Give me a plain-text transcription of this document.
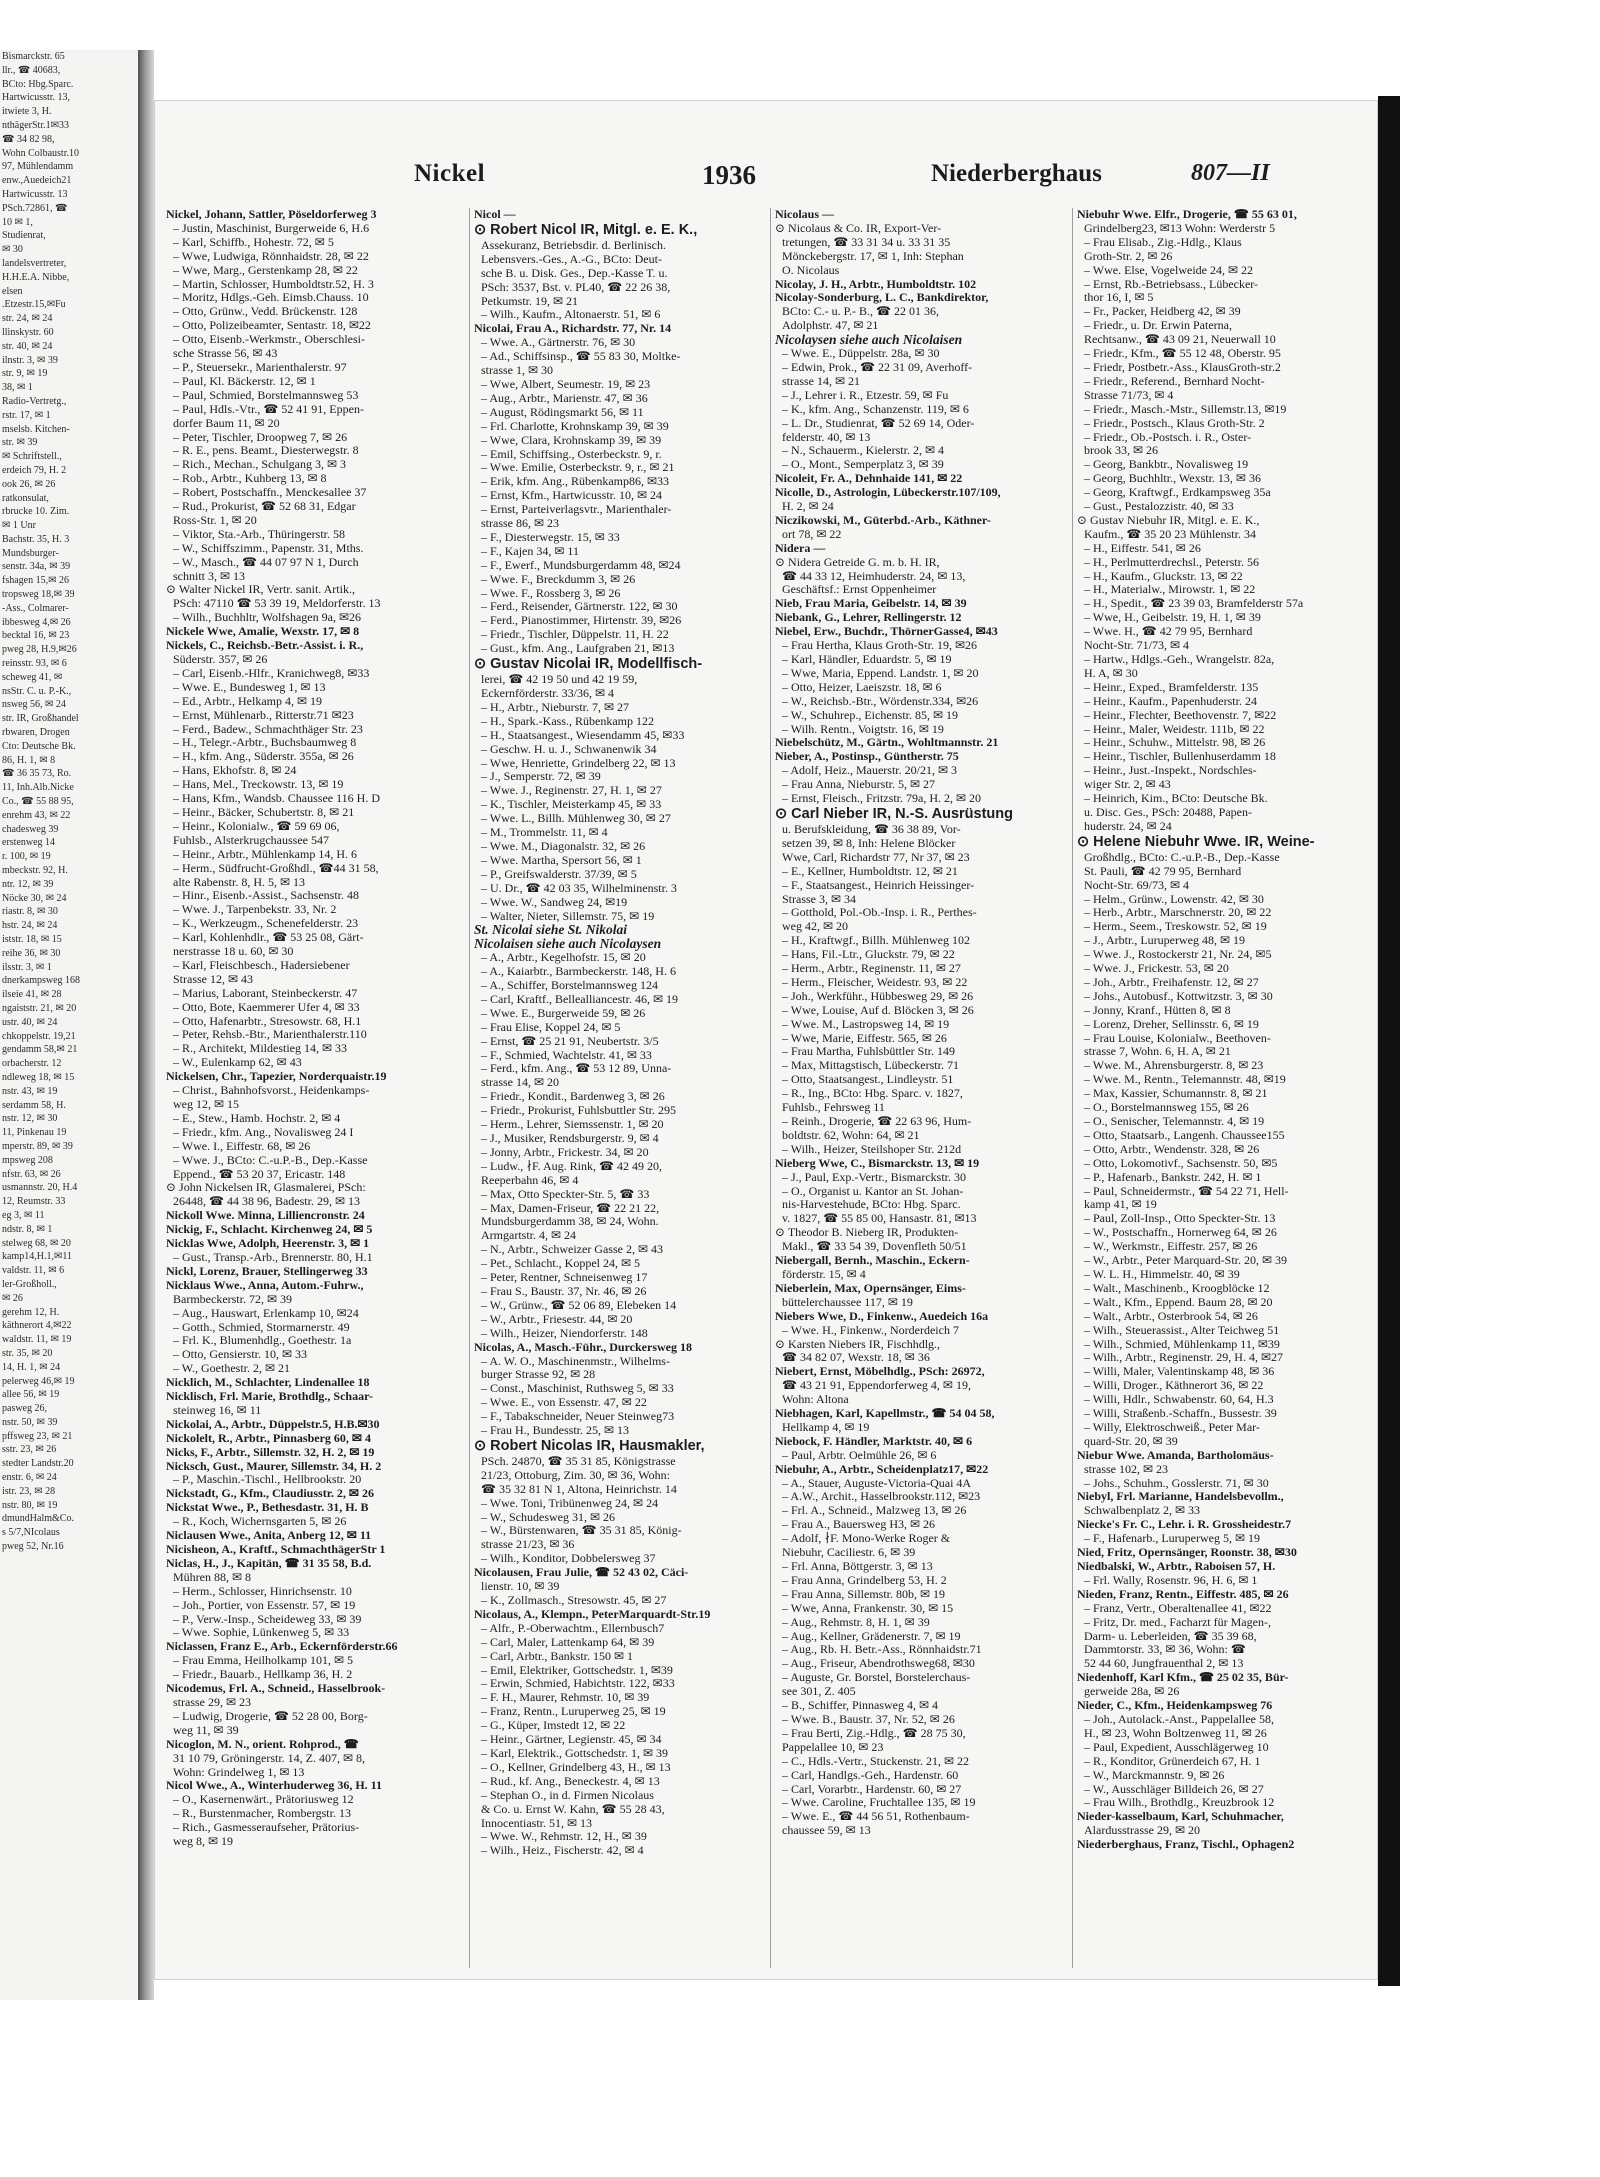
Bismarckstr. 65
llr., ☎ 40683,
BCto: Hbg.Sparc.
Hartwicusstr. 13,
itwiete 3, H.
nthägerStr.1✉33
☎ 34 82 98,
Wohn Colbaustr.10
97, Mühlendamm
enw.,Auedeich21
Hartwicusstr. 13
PSch.72861, ☎
10 ✉ 1,
Studienrat,
✉ 30
landelsvertreter,
H.H.E.A. Nibbe,
elsen
.Etzestr.15,✉Fu
str. 24, ✉ 24
llinskystr. 60
str. 40, ✉ 24
ilnstr. 3, ✉ 39
str. 9, ✉ 19
38, ✉ 1
Radio-Vertretg.,
rstr. 17, ✉ 1
mselsb. Kitchen-
str. ✉ 39
✉ Schriftstell.,
erdeich 79, H. 2
ook 26, ✉ 26
ratkonsulat,
rbrucke 10. Zim.
✉ 1 Unr
Bachstr. 35, H. 3
Mundsburger-
senstr. 34a, ✉ 39
fshagen 15,✉ 26
tropsweg 18,✉ 39
-Ass., Colmarer-
ibbesweg 4,✉ 26
becktal 16, ✉ 23
pweg 28, H.9,✉26
reinsstr. 93, ✉ 6
scheweg 41, ✉
nsStr. C. u. P.-K.,
nsweg 56, ✉ 24
str. IR, Großhandel
rbwaren, Drogen
Cto: Deutsche Bk.
86, H. 1, ✉ 8
☎ 36 35 73, Ro.
11, Inh.Alb.Nicke
Co., ☎ 55 88 95,
enrehm 43, ✉ 22
chadesweg 39
erstenweg 14
r. 100, ✉ 19
mbeckstr. 92, H.
ntr. 12, ✉ 39
Nöcke 30, ✉ 24
riastr. 8, ✉ 30
hstr. 24, ✉ 24
iststr. 18, ✉ 15
reihe 36, ✉ 30
ilsstr. 3, ✉ 1
dnerkampsweg 168
ilseie 41, ✉ 28
ngaiststr. 21, ✉ 20
ustr. 40, ✉ 24
chkoppelstr. 19,21
gendamm 58,✉ 21
orbacherstr. 12
ndleweg 18, ✉ 15
nstr. 43, ✉ 19
serdamm 58, H.
nstr. 12, ✉ 30
11, Pinkenau 19
mperstr. 89, ✉ 39
mpsweg 208
nfstr. 63, ✉ 26
usmannstr. 20, H.4
12, Reumstr. 33
eg 3, ✉ 11
ndstr. 8, ✉ 1
stelweg 68, ✉ 20
kamp14,H.1,✉11
valdstr. 11, ✉ 6
ler-Großholl.,
✉ 26
gerehm 12, H.
käthnerort 4,✉22
waldstr. 11, ✉ 19
str. 35, ✉ 20
14, H. 1, ✉ 24
pelerweg 46,✉ 19
allee 56, ✉ 19
pasweg 26,
nstr. 50, ✉ 39
pffsweg 23, ✉ 21
sstr. 23, ✉ 26
stedter Landstr.20
enstr. 6, ✉ 24
istr. 23, ✉ 28
nstr. 80, ✉ 19
dmundHalm&Co.
s 5/7,NIcolaus
pweg 52, Nr.16
Nickel	1936	Niederberghaus	807—II

Nickel, Johann, Sattler, Pöseldorferweg 3

– Justin, Maschinist, Burgerweide 6, H.6

– Karl, Schiffb., Hohestr. 72, ✉ 5

– Wwe, Ludwiga, Rönnhaidstr. 28, ✉ 22

– Wwe, Marg., Gerstenkamp 28, ✉ 22

– Martin, Schlosser, Humboldtstr.52, H. 3

– Moritz, Hdlgs.-Geh. Eimsb.Chauss. 10

– Otto, Grünw., Vedd. Brückenstr. 128

– Otto, Polizeibeamter, Sentastr. 18, ✉22

– Otto, Eisenb.-Werkmstr., Oberschlesi-

sche Strasse 56, ✉ 43

– P., Steuersekr., Marienthalerstr. 97

– Paul, Kl. Bäckerstr. 12, ✉ 1

– Paul, Schmied, Borstelmannsweg 53

– Paul, Hdls.-Vtr., ☎ 52 41 91, Eppen-

dorfer Baum 11, ✉ 20

– Peter, Tischler, Droopweg 7, ✉ 26

– R. E., pens. Beamt., Diesterwegstr. 8

– Rich., Mechan., Schulgang 3, ✉ 3

– Rob., Arbtr., Kuhberg 13, ✉ 8

– Robert, Postschaffn., Menckesallee 37

– Rud., Prokurist, ☎ 52 68 31, Edgar

Ross-Str. 1, ✉ 20

– Viktor, Sta.-Arb., Thüringerstr. 58

– W., Schiffszimm., Papenstr. 31, Mths.

– W., Masch., ☎ 44 07 97 N 1, Durch

schnitt 3, ✉ 13

⊙ Walter Nickel IR, Vertr. sanit. Artik.,

PSch: 47110 ☎ 53 39 19, Meldorferstr. 13

– Wilh., Buchhltr, Wolfshagen 9a, ✉26

Nickele Wwe, Amalie, Wexstr. 17, ✉ 8

Nickels, C., Reichsb.-Betr.-Assist. i. R.,

Süderstr. 357, ✉ 26

– Carl, Eisenb.-Hlfr., Kranichweg8, ✉33

– Wwe. E., Bundesweg 1, ✉ 13

– Ed., Arbtr., Helkamp 4, ✉ 19

– Ernst, Mühlenarb., Ritterstr.71 ✉23

– Ferd., Badew., Schmachthäger Str. 23

– H., Telegr.-Arbtr., Buchsbaumweg 8

– H., kfm. Ang., Süderstr. 355a, ✉ 26

– Hans, Ekhofstr. 8, ✉ 24

– Hans, Mel., Treckowstr. 13, ✉ 19

– Hans, Kfm., Wandsb. Chaussee 116 H. D

– Heinr., Bäcker, Schubertstr. 8, ✉ 21

– Heinr., Kolonialw., ☎ 59 69 06,

Fuhlsb., Alsterkrugchaussee 547

– Heinr., Arbtr., Mühlenkamp 14, H. 6

– Herm., Südfrucht-Großhdl., ☎44 31 58,

alte Rabenstr. 8, H. 5, ✉ 13

– Hinr., Eisenb.-Assist., Sachsenstr. 48

– Wwe. J., Tarpenbekstr. 33, Nr. 2

– K., Werkzeugm., Schenefelderstr. 23

– Karl, Kohlenhdlr., ☎ 53 25 08, Gärt-

nerstrasse 18 u. 60, ✉ 30

– Karl, Fleischbesch., Hadersiebener

Strasse 12, ✉ 43

– Marius, Laborant, Steinbeckerstr. 47

– Otto, Bote, Kaemmerer Ufer 4, ✉ 33

– Otto, Hafenarbtr., Stresowstr. 68, H.1

– Peter, Rehsb.-Btr., Marienthalerstr.110

– R., Architekt, Mildestieg 14, ✉ 33

– W., Eulenkamp 62, ✉ 43

Nickelsen, Chr., Tapezier, Norderquaistr.19

– Christ., Bahnhofsvorst., Heidenkamps-

weg 12, ✉ 15

– E., Stew., Hamb. Hochstr. 2, ✉ 4

– Friedr., kfm. Ang., Novalisweg 24 I

– Wwe. I., Eiffestr. 68, ✉ 26

– Wwe. J., BCto: C.-u.P.-B., Dep.-Kasse

Eppend., ☎ 53 20 37, Ericastr. 148

⊙ John Nickelsen IR, Glasmalerei, PSch:

26448, ☎ 44 38 96, Badestr. 29, ✉ 13

Nickoll Wwe. Minna, Lilliencronstr. 24

Nickig, F., Schlacht. Kirchenweg 24, ✉ 5

Nicklas Wwe, Adolph, Heerenstr. 3, ✉ 1

– Gust., Transp.-Arb., Brennerstr. 80, H.1

Nickl, Lorenz, Brauer, Stellingerweg 33

Nicklaus Wwe., Anna, Autom.-Fuhrw.,

Barmbeckerstr. 72, ✉ 39

– Aug., Hauswart, Erlenkamp 10, ✉24

– Gotth., Schmied, Stormarnerstr. 49

– Frl. K., Blumenhdlg., Goethestr. 1a

– Otto, Gensierstr. 10, ✉ 33

– W., Goethestr. 2, ✉ 21

Nicklich, M., Schlachter, Lindenallee 18

Nicklisch, Frl. Marie, Brothdlg., Schaar-

steinweg 16, ✉ 11

Nickolai, A., Arbtr., Düppelstr.5, H.B.✉30

Nickolelt, R., Arbtr., Pinnasberg 60, ✉ 4

Nicks, F., Arbtr., Sillemstr. 32, H. 2, ✉ 19

Nicksch, Gust., Maurer, Sillemstr. 34, H. 2

– P., Maschin.-Tischl., Hellbrookstr. 20

Nickstadt, G., Kfm., Claudiusstr. 2, ✉ 26

Nickstat Wwe., P., Bethesdastr. 31, H. B

– R., Koch, Wichernsgarten 5, ✉ 26

Niclausen Wwe., Anita, Anberg 12, ✉ 11

Nicisheon, A., Kraftf., SchmachthägerStr 1

Niclas, H., J., Kapitän, ☎ 31 35 58, B.d.

Mühren 88, ✉ 8

– Herm., Schlosser, Hinrichsenstr. 10

– Joh., Portier, von Essenstr. 57, ✉ 19

– P., Verw.-Insp., Scheideweg 33, ✉ 39

– Wwe. Sophie, Lünkenweg 5, ✉ 33

Niclassen, Franz E., Arb., Eckernförderstr.66

– Frau Emma, Heilholkamp 101, ✉ 5

– Friedr., Bauarb., Hellkamp 36, H. 2

Nicodemus, Frl. A., Schneid., Hasselbrook-

strasse 29, ✉ 23

– Ludwig, Drogerie, ☎ 52 28 00, Borg-

weg 11, ✉ 39

Nicoglon, M. N., orient. Rohprod., ☎

31 10 79, Gröningerstr. 14, Z. 407, ✉ 8,

Wohn: Grindelweg 1, ✉ 13

Nicol Wwe., A., Winterhuderweg 36, H. 11

– O., Kasernenwärt., Prätoriusweg 12

– R., Burstenmacher, Rombergstr. 13

– Rich., Gasmesseraufseher, Prätorius-

weg 8, ✉ 19

Nicol —

⊙ Robert Nicol IR, Mitgl. e. E. K.,

Assekuranz, Betriebsdir. d. Berlinisch.

Lebensvers.-Ges., A.-G., BCto: Deut-

sche B. u. Disk. Ges., Dep.-Kasse T. u.

PSch: 3537, Bst. v. PL40, ☎ 22 26 38,

Petkumstr. 19, ✉ 21

– Wilh., Kaufm., Altonaerstr. 51, ✉ 6

Nicolai, Frau A., Richardstr. 77, Nr. 14

– Wwe. A., Gärtnerstr. 76, ✉ 30

– Ad., Schiffsinsp., ☎ 55 83 30, Moltke-

strasse 1, ✉ 30

– Wwe, Albert, Seumestr. 19, ✉ 23

– Aug., Arbtr., Marienstr. 47, ✉ 36

– August, Rödingsmarkt 56, ✉ 11

– Frl. Charlotte, Krohnskamp 39, ✉ 39

– Wwe, Clara, Krohnskamp 39, ✉ 39

– Emil, Schiffsing., Osterbeckstr. 9, r.

– Wwe. Emilie, Osterbeckstr. 9, r., ✉ 21

– Erik, kfm. Ang., Rübenkamp86, ✉33

– Ernst, Kfm., Hartwicusstr. 10, ✉ 24

– Ernst, Parteiverlagsvtr., Marienthaler-

strasse 86, ✉ 23

– F., Diesterwegstr. 15, ✉ 33

– F., Kajen 34, ✉ 11

– F., Ewerf., Mundsburgerdamm 48, ✉24

– Wwe. F., Breckdumm 3, ✉ 26

– Wwe. F., Rossberg 3, ✉ 26

– Ferd., Reisender, Gärtnerstr. 122, ✉ 30

– Ferd., Pianostimmer, Hirtenstr. 39, ✉26

– Friedr., Tischler, Düppelstr. 11, H. 22

– Gust., kfm. Ang., Laufgraben 21, ✉13

⊙ Gustav Nicolai IR, Modellfisch-

lerei, ☎ 42 19 50 und 42 19 59,

Eckernförderstr. 33/36, ✉ 4

– H., Arbtr., Nieburstr. 7, ✉ 27

– H., Spark.-Kass., Rübenkamp 122

– H., Staatsangest., Wiesendamm 45, ✉33

– Geschw. H. u. J., Schwanenwik 34

– Wwe, Henriette, Grindelberg 22, ✉ 13

– J., Semperstr. 72, ✉ 39

– Wwe. J., Reginenstr. 27, H. 1, ✉ 27

– K., Tischler, Meisterkamp 45, ✉ 33

– Wwe. L., Billh. Mühlenweg 30, ✉ 27

– M., Trommelstr. 11, ✉ 4

– Wwe. M., Diagonalstr. 32, ✉ 26

– Wwe. Martha, Spersort 56, ✉ 1

– P., Greifswalderstr. 37/39, ✉ 5

– U. Dr., ☎ 42 03 35, Wilhelminenstr. 3

– Wwe. W., Sandweg 24, ✉19

– Walter, Nieter, Sillemstr. 75, ✉ 19

St. Nicolai siehe St. Nikolai

Nicolaisen siehe auch Nicolaysen

– A., Arbtr., Kegelhofstr. 15, ✉ 20

– A., Kaiarbtr., Barmbeckerstr. 148, H. 6

– A., Schiffer, Borstelmannsweg 124

– Carl, Kraftf., Bellealliancestr. 46, ✉ 19

– Wwe. E., Burgerweide 59, ✉ 26

– Frau Elise, Koppel 24, ✉ 5

– Ernst, ☎ 25 21 91, Neubertstr. 3/5

– F., Schmied, Wachtelstr. 41, ✉ 33

– Ferd., kfm. Ang., ☎ 53 12 89, Unna-

strasse 14, ✉ 20

– Friedr., Kondit., Bardenweg 3, ✉ 26

– Friedr., Prokurist, Fuhlsbuttler Str. 295

– Herm., Lehrer, Siemssenstr. 1, ✉ 20

– J., Musiker, Rendsburgerstr. 9, ✉ 4

– Jonny, Arbtr., Frickestr. 34, ✉ 20

– Ludw., ∤F. Aug. Rink, ☎ 42 49 20,

Reeperbahn 46, ✉ 4

– Max, Otto Speckter-Str. 5, ☎ 33

– Max, Damen-Friseur, ☎ 22 21 22,

Mundsburgerdamm 38, ✉ 24, Wohn.

Armgartstr. 4, ✉ 24

– N., Arbtr., Schweizer Gasse 2, ✉ 43

– Pet., Schlacht., Koppel 24, ✉ 5

– Peter, Rentner, Schneisenweg 17

– Frau S., Baustr. 37, Nr. 46, ✉ 26

– W., Grünw., ☎ 52 06 89, Elebeken 14

– W., Arbtr., Friesestr. 44, ✉ 20

– Wilh., Heizer, Niendorferstr. 148

Nicolas, A., Masch.-Führ., Durckersweg 18

– A. W. O., Maschinenmstr., Wilhelms-

burger Strasse 92, ✉ 28

– Const., Maschinist, Ruthsweg 5, ✉ 33

– Wwe. E., von Essenstr. 47, ✉ 22

– F., Tabakschneider, Neuer Steinweg73

– Frau H., Bundesstr. 25, ✉ 13

⊙ Robert Nicolas IR, Hausmakler,

PSch. 24870, ☎ 35 31 85, Königstrasse

21/23, Ottoburg, Zim. 30, ✉ 36, Wohn:

☎ 35 32 81 N 1, Altona, Heinrichstr. 14

– Wwe. Toni, Tribünenweg 24, ✉ 24

– W., Schudesweg 31, ✉ 26

– W., Bürstenwaren, ☎ 35 31 85, König-

strasse 21/23, ✉ 36

– Wilh., Konditor, Dobbelersweg 37

Nicolausen, Frau Julie, ☎ 52 43 02, Cäci-

lienstr. 10, ✉ 39

– K., Zollmasch., Stresowstr. 45, ✉ 27

Nicolaus, A., Klempn., PeterMarquardt-Str.19

– Alfr., P.-Oberwachtm., Ellernbusch7

– Carl, Maler, Lattenkamp 64, ✉ 39

– Carl, Arbtr., Bankstr. 150 ✉ 1

– Emil, Elektriker, Gottschedstr. 1, ✉39

– Erwin, Schmied, Habichtstr. 122, ✉33

– F. H., Maurer, Rehmstr. 10, ✉ 39

– Franz, Rentn., Luruperweg 25, ✉ 19

– G., Küper, Imstedt 12, ✉ 22

– Heinr., Gärtner, Legienstr. 45, ✉ 34

– Karl, Elektrik., Gottschedstr. 1, ✉ 39

– O., Kellner, Grindelberg 43, H., ✉ 13

– Rud., kf. Ang., Beneckestr. 4, ✉ 13

– Stephan O., in d. Firmen Nicolaus

& Co. u. Ernst W. Kahn, ☎ 55 28 43,

Innocentiastr. 51, ✉ 13

– Wwe. W., Rehmstr. 12, H., ✉ 39

– Wilh., Heiz., Fischerstr. 42, ✉ 4

Nicolaus —

⊙ Nicolaus & Co. IR, Export-Ver-

tretungen, ☎ 33 31 34 u. 33 31 35

Mönckebergstr. 17, ✉ 1, Inh: Stephan

O. Nicolaus

Nicolay, J. H., Arbtr., Humboldtstr. 102

Nicolay-Sonderburg, L. C., Bankdirektor,

BCto: C.- u. P.- B., ☎ 22 01 36,

Adolphstr. 47, ✉ 21

Nicolaysen siehe auch Nicolaisen

– Wwe. E., Düppelstr. 28a, ✉ 30

– Edwin, Prok., ☎ 22 31 09, Averhoff-

strasse 14, ✉ 21

– J., Lehrer i. R., Etzestr. 59, ✉ Fu

– K., kfm. Ang., Schanzenstr. 119, ✉ 6

– L. Dr., Studienrat, ☎ 52 69 14, Oder-

felderstr. 40, ✉ 13

– N., Schauerm., Kielerstr. 2, ✉ 4

– O., Mont., Semperplatz 3, ✉ 39

Nicoleit, Fr. A., Dehnhaide 141, ✉ 22

Nicolle, D., Astrologin, Lübeckerstr.107/109,

H. 2, ✉ 24

Niczikowski, M., Güterbd.-Arb., Käthner-

ort 78, ✉ 22

Nidera —

⊙ Nidera Getreide G. m. b. H. IR,

☎ 44 33 12, Heimhuderstr. 24, ✉ 13,

Geschäftsf.: Ernst Oppenheimer

Nieb, Frau Maria, Geibelstr. 14, ✉ 39

Niebank, G., Lehrer, Rellingerstr. 12

Niebel, Erw., Buchdr., ThörnerGasse4, ✉43

– Frau Hertha, Klaus Groth-Str. 19, ✉26

– Karl, Händler, Eduardstr. 5, ✉ 19

– Wwe, Maria, Eppend. Landstr. 1, ✉ 20

– Otto, Heizer, Laeiszstr. 18, ✉ 6

– W., Reichsb.-Btr., Wördenstr.334, ✉26

– W., Schuhrep., Eichenstr. 85, ✉ 19

– Wilh. Rentn., Voigtstr. 16, ✉ 19

Niebelschütz, M., Gärtn., Wohltmannstr. 21

Nieber, A., Postinsp., Güntherstr. 75

– Adolf, Heiz., Mauerstr. 20/21, ✉ 3

– Frau Anna, Nieburstr. 5, ✉ 27

– Ernst, Fleisch., Fritzstr. 79a, H. 2, ✉ 20

⊙ Carl Nieber IR, N.-S. Ausrüstung

u. Berufskleidung, ☎ 36 38 89, Vor-

setzen 39, ✉ 8, Inh: Helene Blöcker

Wwe, Carl, Richardstr 77, Nr 37, ✉ 23

– E., Kellner, Humboldtstr. 12, ✉ 21

– F., Staatsangest., Heinrich Heissinger-

Strasse 3, ✉ 34

– Gotthold, Pol.-Ob.-Insp. i. R., Perthes-

weg 42, ✉ 20

– H., Kraftwgf., Billh. Mühlenweg 102

– Hans, Fil.-Ltr., Gluckstr. 79, ✉ 22

– Herm., Arbtr., Reginenstr. 11, ✉ 27

– Herm., Fleischer, Weidestr. 93, ✉ 22

– Joh., Werkführ., Hübbesweg 29, ✉ 26

– Wwe, Louise, Auf d. Blöcken 3, ✉ 26

– Wwe. M., Lastropsweg 14, ✉ 19

– Wwe, Marie, Eiffestr. 565, ✉ 26

– Frau Martha, Fuhlsbüttler Str. 149

– Max, Mittagstisch, Lübeckerstr. 71

– Otto, Staatsangest., Lindleystr. 51

– R., Ing., BCto: Hbg. Sparc. v. 1827,

Fuhlsb., Fehrsweg 11

– Reinh., Drogerie, ☎ 22 63 96, Hum-

boldtstr. 62, Wohn: 64, ✉ 21

– Wilh., Heizer, Steilshoper Str. 212d

Nieberg Wwe, C., Bismarckstr. 13, ✉ 19

– J., Paul, Exp.-Vertr., Bismarckstr. 30

– O., Organist u. Kantor an St. Johan-

nis-Harvestehude, BCto: Hbg. Sparc.

v. 1827, ☎ 55 85 00, Hansastr. 81, ✉13

⊙ Theodor B. Nieberg IR, Produkten-

Makl., ☎ 33 54 39, Dovenfleth 50/51

Niebergall, Bernh., Maschin., Eckern-

förderstr. 15, ✉ 4

Nieberlein, Max, Opernsänger, Eims-

büttelerchaussee 117, ✉ 19

Niebers Wwe, D., Finkenw., Auedeich 16a

– Wwe. H., Finkenw., Norderdeich 7

⊙ Karsten Niebers IR, Fischhdlg.,

☎ 34 82 07, Wexstr. 18, ✉ 36

Niebert, Ernst, Möbelhdlg., PSch: 26972,

☎ 43 21 91, Eppendorferweg 4, ✉ 19,

Wohn: Altona

Niebhagen, Karl, Kapellmstr., ☎ 54 04 58,

Hellkamp 4, ✉ 19

Niebock, F. Händler, Marktstr. 40, ✉ 6

– Paul, Arbtr. Oelmühle 26, ✉ 6

Niebuhr, A., Arbtr., Scheidenplatz17, ✉22

– A., Stauer, Auguste-Victoria-Quai 4A

– A.W., Archit., Hasselbrookstr.112, ✉23

– Frl. A., Schneid., Malzweg 13, ✉ 26

– Frau A., Bauersweg H3, ✉ 26

– Adolf, ∤F. Mono-Werke Roger &

Niebuhr, Caciliestr. 6, ✉ 39

– Frl. Anna, Böttgerstr. 3, ✉ 13

– Frau Anna, Grindelberg 53, H. 2

– Frau Anna, Sillemstr. 80b, ✉ 19

– Wwe, Anna, Frankenstr. 30, ✉ 15

– Aug., Rehmstr. 8, H. 1, ✉ 39

– Aug., Kellner, Grädenerstr. 7, ✉ 19

– Aug., Rb. H. Betr.-Ass., Rönnhaidstr.71

– Aug., Friseur, Abendrothsweg68, ✉30

– Auguste, Gr. Borstel, Borstelerchaus-

see 301, Z. 405

– B., Schiffer, Pinnasweg 4, ✉ 4

– Wwe. B., Baustr. 37, Nr. 52, ✉ 26

– Frau Berti, Zig.-Hdlg., ☎ 28 75 30,

Pappelallee 10, ✉ 23

– C., Hdls.-Vertr., Stuckenstr. 21, ✉ 22

– Carl, Handlgs.-Geh., Hardenstr. 60

– Carl, Vorarbtr., Hardenstr. 60, ✉ 27

– Wwe. Caroline, Fruchtallee 135, ✉ 19

– Wwe. E., ☎ 44 56 51, Rothenbaum-

chaussee 59, ✉ 13

Niebuhr Wwe. Elfr., Drogerie, ☎ 55 63 01,

Grindelberg23, ✉13 Wohn: Werderstr 5

– Frau Elisab., Zig.-Hdlg., Klaus

Groth-Str. 2, ✉ 26

– Wwe. Else, Vogelweide 24, ✉ 22

– Ernst, Rb.-Betriebsass., Lübecker-

thor 16, I, ✉ 5

– Fr., Packer, Heidberg 42, ✉ 39

– Friedr., u. Dr. Erwin Paterna,

Rechtsanw., ☎ 43 09 21, Neuerwall 10

– Friedr., Kfm., ☎ 55 12 48, Oberstr. 95

– Friedr, Postbetr.-Ass., KlausGroth-str.2

– Friedr., Referend., Bernhard Nocht-

Strasse 71/73, ✉ 4

– Friedr., Masch.-Mstr., Sillemstr.13, ✉19

– Friedr., Postsch., Klaus Groth-Str. 2

– Friedr., Ob.-Postsch. i. R., Oster-

brook 33, ✉ 26

– Georg, Bankbtr., Novalisweg 19

– Georg, Buchhltr., Wexstr. 13, ✉ 36

– Georg, Kraftwgf., Erdkampsweg 35a

– Gust., Pestalozzistr. 40, ✉ 33

⊙ Gustav Niebuhr IR, Mitgl. e. E. K.,

Kaufm., ☎ 35 20 23 Mühlenstr. 34

– H., Eiffestr. 541, ✉ 26

– H., Perlmutterdrechsl., Peterstr. 56

– H., Kaufm., Gluckstr. 13, ✉ 22

– H., Materialw., Mirowstr. 1, ✉ 22

– H., Spedit., ☎ 23 39 03, Bramfelderstr 57a

– Wwe, H., Geibelstr. 19, H. 1, ✉ 39

– Wwe. H., ☎ 42 79 95, Bernhard

Nocht-Str. 71/73, ✉ 4

– Hartw., Hdlgs.-Geh., Wrangelstr. 82a,

H. A, ✉ 30

– Heinr., Exped., Bramfelderstr. 135

– Heinr., Kaufm., Papenhuderstr. 24

– Heinr., Flechter, Beethovenstr. 7, ✉22

– Heinr., Maler, Weidestr. 111b, ✉ 22

– Heinr., Schuhw., Mittelstr. 98, ✉ 26

– Heinr., Tischler, Bullenhuserdamm 18

– Heinr., Just.-Inspekt., Nordschles-

wiger Str. 2, ✉ 43

– Heinrich, Kim., BCto: Deutsche Bk.

u. Disc. Ges., PSch: 20488, Papen-

huderstr. 24, ✉ 24

⊙ Helene Niebuhr Wwe. IR, Weine-

Großhdlg., BCto: C.-u.P.-B., Dep.-Kasse

St. Pauli, ☎ 42 79 95, Bernhard

Nocht-Str. 69/73, ✉ 4

– Helm., Grünw., Lowenstr. 42, ✉ 30

– Herb., Arbtr., Marschnerstr. 20, ✉ 22

– Herm., Seem., Treskowstr. 52, ✉ 19

– J., Arbtr., Luruperweg 48, ✉ 19

– Wwe. J., Rostockerstr 21, Nr. 24, ✉5

– Wwe. J., Frickestr. 53, ✉ 20

– Joh., Arbtr., Freihafenstr. 12, ✉ 27

– Johs., Autobusf., Kottwitzstr. 3, ✉ 30

– Jonny, Kranf., Hütten 8, ✉ 8

– Lorenz, Dreher, Sellinsstr. 6, ✉ 19

– Frau Louise, Kolonialw., Beethoven-

strasse 7, Wohn. 6, H. A, ✉ 21

– Wwe. M., Ahrensburgerstr. 8, ✉ 23

– Wwe. M., Rentn., Telemannstr. 48, ✉19

– Max, Kassier, Schumannstr. 8, ✉ 21

– O., Borstelmannsweg 155, ✉ 26

– O., Senischer, Telemannstr. 4, ✉ 19

– Otto, Staatsarb., Langenh. Chaussee155

– Otto, Arbtr., Wendenstr. 328, ✉ 26

– Otto, Lokomotivf., Sachsenstr. 50, ✉5

– P., Hafenarb., Bankstr. 242, H. ✉ 1

– Paul, Schneidermstr., ☎ 54 22 71, Hell-

kamp 41, ✉ 19

– Paul, Zoll-Insp., Otto Speckter-Str. 13

– W., Postschaffn., Hornerweg 64, ✉ 26

– W., Werkmstr., Eiffestr. 257, ✉ 26

– W., Arbtr., Peter Marquard-Str. 20, ✉ 39

– W. L. H., Himmelstr. 40, ✉ 39

– Walt., Maschinenb., Kroogblöcke 12

– Walt., Kfm., Eppend. Baum 28, ✉ 20

– Walt., Arbtr., Osterbrook 54, ✉ 26

– Wilh., Steuerassist., Alter Teichweg 51

– Wilh., Schmied, Mühlenkamp 11, ✉39

– Wilh., Arbtr., Reginenstr. 29, H. 4, ✉27

– Willi, Maler, Valentinskamp 48, ✉ 36

– Willi, Droger., Käthnerort 36, ✉ 22

– Willi, Hdlr., Schwabenstr. 60, 64, H.3

– Willi, Straßenb.-Schaffn., Bussestr. 39

– Willy, Elektroschweiß., Peter Mar-

quard-Str. 20, ✉ 39

Niebur Wwe. Amanda, Bartholomäus-

strasse 102, ✉ 23

– Johs., Schuhm., Gosslerstr. 71, ✉ 30

Niebyl, Frl. Marianne, Handelsbevollm.,

Schwalbenplatz 2, ✉ 33

Niecke's Fr. C., Lehr. i. R. Grossheidestr.7

– F., Hafenarb., Luruperweg 5, ✉ 19

Nied, Fritz, Opernsänger, Roonstr. 38, ✉30

Niedbalski, W., Arbtr., Raboisen 57, H.

– Frl. Wally, Rosenstr. 96, H. 6, ✉ 1

Nieden, Franz, Rentn., Eiffestr. 485, ✉ 26

– Franz, Vertr., Oberaltenallee 41, ✉22

– Fritz, Dr. med., Facharzt für Magen-,

Darm- u. Leberleiden, ☎ 35 39 68,

Dammtorstr. 33, ✉ 36, Wohn: ☎

52 44 60, Jungfrauenthal 2, ✉ 13

Niedenhoff, Karl Kfm., ☎ 25 02 35, Bür-

gerweide 28a, ✉ 26

Nieder, C., Kfm., Heidenkampsweg 76

– Joh., Autolack.-Anst., Pappelallee 58,

H., ✉ 23, Wohn Boltzenweg 11, ✉ 26

– Paul, Expedient, Ausschlägerweg 10

– R., Konditor, Grünerdeich 67, H. 1

– W., Marckmannstr. 9, ✉ 26

– W., Ausschläger Billdeich 26, ✉ 27

– Frau Wilh., Brothdlg., Kreuzbrook 12

Nieder-kasselbaum, Karl, Schuhmacher,

Alardusstrasse 29, ✉ 20

Niederberghaus, Franz, Tischl., Ophagen2
